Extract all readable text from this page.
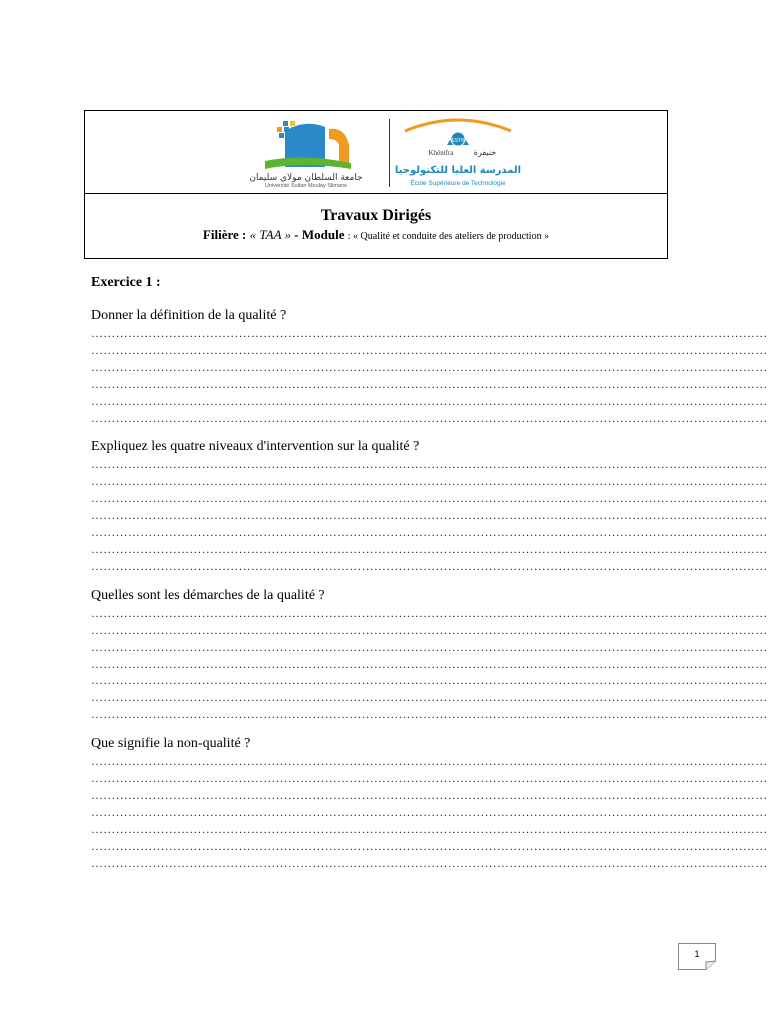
جامعة السلطان مولاي سليمان
Université Sultan Moulay Slimane
ESTK
Khénifra	خنيفرة
المدرسة العليا للتكنولوجيا
École Supérieure de Technologie
Travaux Dirigés
Filière : « TAA » - Module : « Qualité et conduite des ateliers de production »
Exercice 1 :
Donner la définition de la qualité ?
…………………………………………………………………………………………………………………………………………………
…………………………………………………………………………………………………………………………………………………
…………………………………………………………………………………………………………………………………………………
…………………………………………………………………………………………………………………………………………………
…………………………………………………………………………………………………………………………………………………
…………………………………………………………………………………………………………………………………………………
Expliquez les quatre niveaux d'intervention sur la qualité ?
…………………………………………………………………………………………………………………………………………………
…………………………………………………………………………………………………………………………………………………
…………………………………………………………………………………………………………………………………………………
…………………………………………………………………………………………………………………………………………………
…………………………………………………………………………………………………………………………………………………
…………………………………………………………………………………………………………………………………………………
…………………………………………………………………………………………………………………………………………………
Quelles sont les démarches de la qualité ?
…………………………………………………………………………………………………………………………………………………
…………………………………………………………………………………………………………………………………………………
…………………………………………………………………………………………………………………………………………………
…………………………………………………………………………………………………………………………………………………
…………………………………………………………………………………………………………………………………………………
…………………………………………………………………………………………………………………………………………………
…………………………………………………………………………………………………………………………………………………
Que signifie la non-qualité ?
…………………………………………………………………………………………………………………………………………………
…………………………………………………………………………………………………………………………………………………
…………………………………………………………………………………………………………………………………………………
…………………………………………………………………………………………………………………………………………………
…………………………………………………………………………………………………………………………………………………
…………………………………………………………………………………………………………………………………………………
…………………………………………………………………………………………………………………………………………………
1
